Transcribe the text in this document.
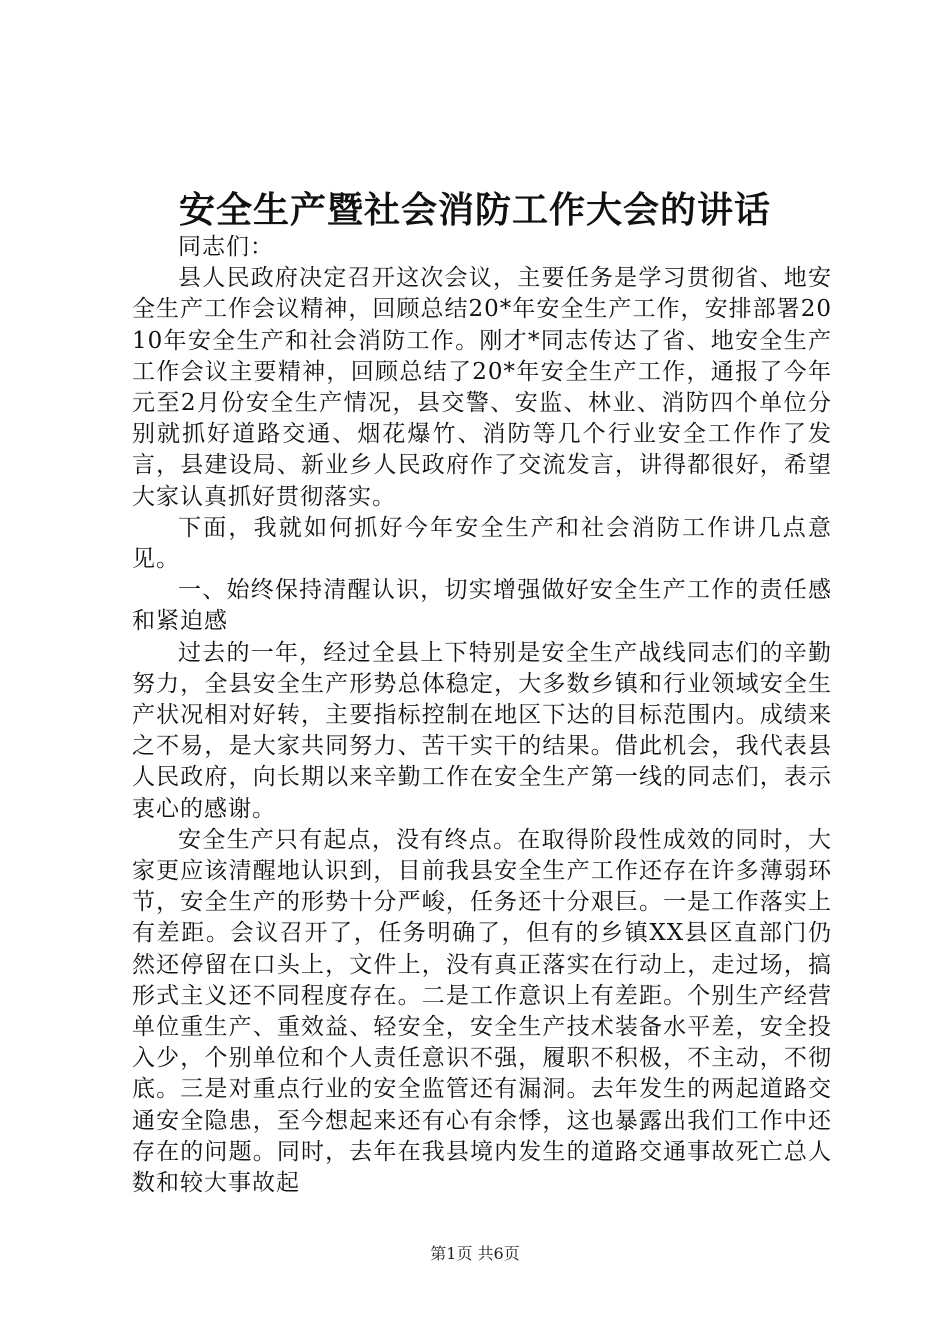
安全生产暨社会消防工作大会的讲话

同志们：

县人民政府决定召开这次会议，主要任务是学习贯彻省、地安全生产工作会议精神，回顾总结20*年安全生产工作，安排部署2010年安全生产和社会消防工作。刚才*同志传达了省、地安全生产工作会议主要精神，回顾总结了20*年安全生产工作，通报了今年元至2月份安全生产情况，县交警、安监、林业、消防四个单位分别就抓好道路交通、烟花爆竹、消防等几个行业安全工作作了发言，县建设局、新业乡人民政府作了交流发言，讲得都很好，希望大家认真抓好贯彻落实。

下面，我就如何抓好今年安全生产和社会消防工作讲几点意见。

一、始终保持清醒认识，切实增强做好安全生产工作的责任感和紧迫感

过去的一年，经过全县上下特别是安全生产战线同志们的辛勤努力，全县安全生产形势总体稳定，大多数乡镇和行业领域安全生产状况相对好转，主要指标控制在地区下达的目标范围内。成绩来之不易，是大家共同努力、苦干实干的结果。借此机会，我代表县人民政府，向长期以来辛勤工作在安全生产第一线的同志们，表示衷心的感谢。

安全生产只有起点，没有终点。在取得阶段性成效的同时，大家更应该清醒地认识到，目前我县安全生产工作还存在许多薄弱环节，安全生产的形势十分严峻，任务还十分艰巨。一是工作落实上有差距。会议召开了，任务明确了，但有的乡镇XX县区直部门仍然还停留在口头上，文件上，没有真正落实在行动上，走过场，搞形式主义还不同程度存在。二是工作意识上有差距。个别生产经营单位重生产、重效益、轻安全，安全生产技术装备水平差，安全投入少，个别单位和个人责任意识不强，履职不积极，不主动，不彻底。三是对重点行业的安全监管还有漏洞。去年发生的两起道路交通安全隐患，至今想起来还有心有余悸，这也暴露出我们工作中还存在的问题。同时，去年在我县境内发生的道路交通事故死亡总人数和较大事故起

第1页 共6页
